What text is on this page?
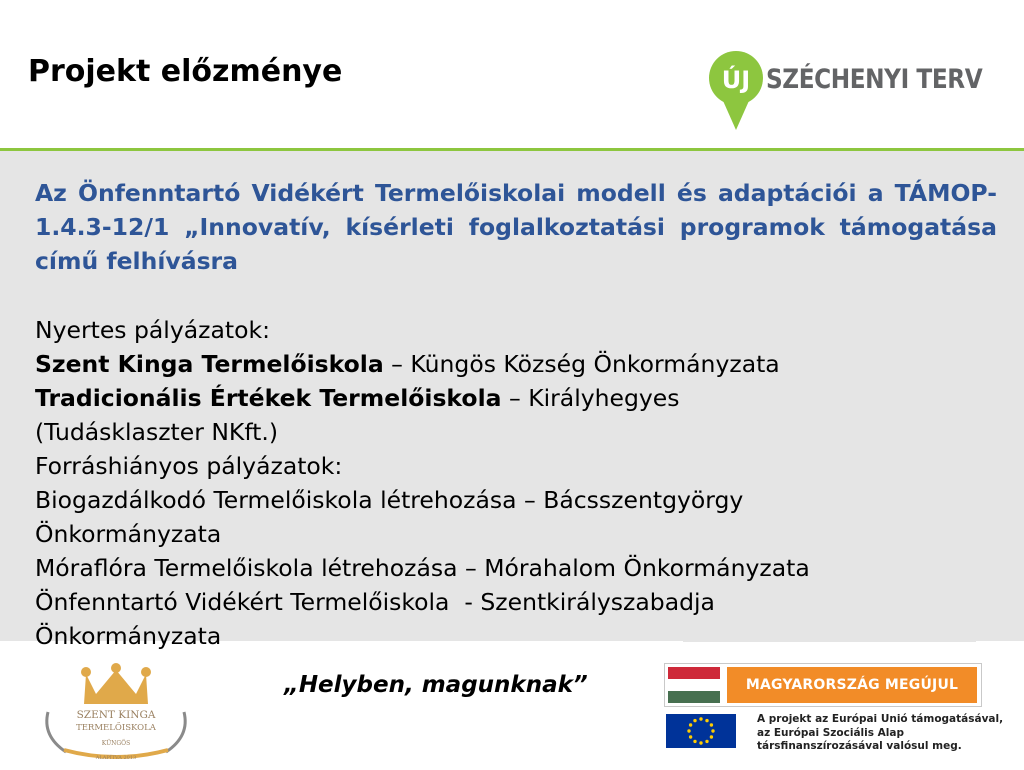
Projekt előzménye	ÚJ SZÉCHENYI TERV

Az Önfenntartó Vidékért Termelőiskolai modell és adaptációi a TÁMOP-1.4.3-12/1 „Innovatív, kísérleti foglalkoztatási programok támogatása című felhívásra

Nyertes pályázatok:
Szent Kinga Termelőiskola – Küngös Község Önkormányzata
Tradicionális Értékek Termelőiskola – Királyhegyes
(Tudásklaszter NKft.)
Forráshiányos pályázatok:
Biogazdálkodó Termelőiskola létrehozása – Bácsszentgyörgy
Önkormányzata
Móraflóra Termelőiskola létrehozása – Mórahalom Önkormányzata
Önfenntartó Vidékért Termelőiskola  - Szentkirályszabadja
Önkormányzata
SZENT KINGA
TERMELŐISKOLA
KÜNGÖS
ALAPÍTVA 2013

„Helyben, magunknak”	MAGYARORSZÁG MEGÚJUL
A projekt az Európai Unió támogatásával,
az Európai Szociális Alap
társfinanszírozásával valósul meg.
